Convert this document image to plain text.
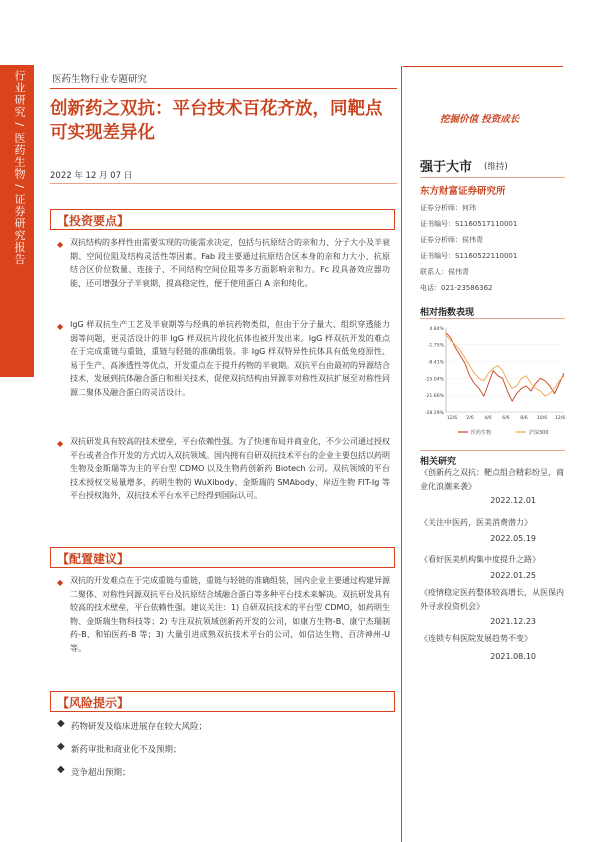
行业研究 / 医药生物 / 证券研究报告	医药生物行业专题研究
创新药之双抗：平台技术百花齐放，同靶点可实现差异化
2022 年 12 月 07 日
挖掘价值 投资成长
【投资要点】
◆ 双抗结构的多样性由需要实现的功能需求决定，包括与抗原结合的亲和力、分子大小及半衰期、空间位阻及结构灵活性等因素。Fab 段主要通过抗原结合区本身的亲和力大小、抗原结合区价位数量、连接子、不同结构空间位阻等多方面影响亲和力。Fc 段具备效应器功能，还可增强分子半衰期，提高稳定性，便于使用蛋白 A 亲和纯化。
◆ IgG 样双抗生产工艺及半衰期等与经典的单抗药物类似，但由于分子量大、组织穿透能力弱等问题，更灵活设计的非 IgG 样双抗片段化抗体也被开发出来。IgG 样双抗开发的难点在于完成重链与重链，重链与轻链的准确组装。非 IgG 样双特异性抗体具有低免疫原性、易于生产、高渗透性等优点，开发重点在于提升药物的半衰期。双抗平台由最初的异源结合技术，发展到抗体融合蛋白和相关技术，促使双抗结构由异源非对称性双抗扩展至对称性同源二聚体及融合蛋白的灵活设计。
◆ 双抗研发具有较高的技术壁垒，平台依赖性强。为了快速布局并商业化，不少公司通过授权平台或者合作开发的方式切入双抗领域。国内拥有自研双抗技术平台的企业主要包括以药明生物及金斯瑞等为主的平台型 CDMO 以及生物药创新药 Biotech 公司。双抗领域的平台技术授权交易量增多，药明生物的 WuXibody、金斯瑞的 SMAbody、岸迈生物 FIT-Ig 等平台授权海外，双抗技术平台水平已经得到国际认可。
【配置建议】
◆ 双抗的开发难点在于完成重链与重链，重链与轻链的准确组装，国内企业主要通过构建异源二聚体、对称性同源双抗平台及抗原结合域融合蛋白等多种平台技术来解决。双抗研发具有较高的技术壁垒，平台依赖性强。建议关注：1) 自研双抗技术的平台型 CDMO，如药明生物、金斯瑞生物科技等；2) 专注双抗领域创新药开发的公司，如康方生物-B、康宁杰瑞制药-B、和铂医药-B 等；3) 大量引进成熟双抗技术平台的公司，如信达生物、百济神州-U 等。
【风险提示】
◆ 药物研发及临床进展存在较大风险；
◆ 新药审批和商业化不及预期；
◆ 竞争超出预期；
强于大市 (维持)
东方财富证券研究所
证券分析师：何玮
证书编号：S1160517110001
证券分析师：侯伟青
证书编号：S1160522110001
联系人：侯伟青
电话：021-23586362
相对指数表现
4.84%
-1.75%
-8.41%
-15.04%
-21.66%
-28.29%
12/6 2/6 4/6 6/6 8/6 10/6 12/6
医药生物	沪深300
相关研究
《创新药之双抗：靶点组合精彩纷呈，商业化浪潮来袭》
2022.12.01
《关注中医药，医美消费潜力》
2022.05.19
《看好医美机构集中度提升之路》
2022.01.25
《疫情稳定医药整体较高增长，从医保内外寻求投资机会》
2021.12.23
《连锁专科医院发展趋势不变》
2021.08.10
